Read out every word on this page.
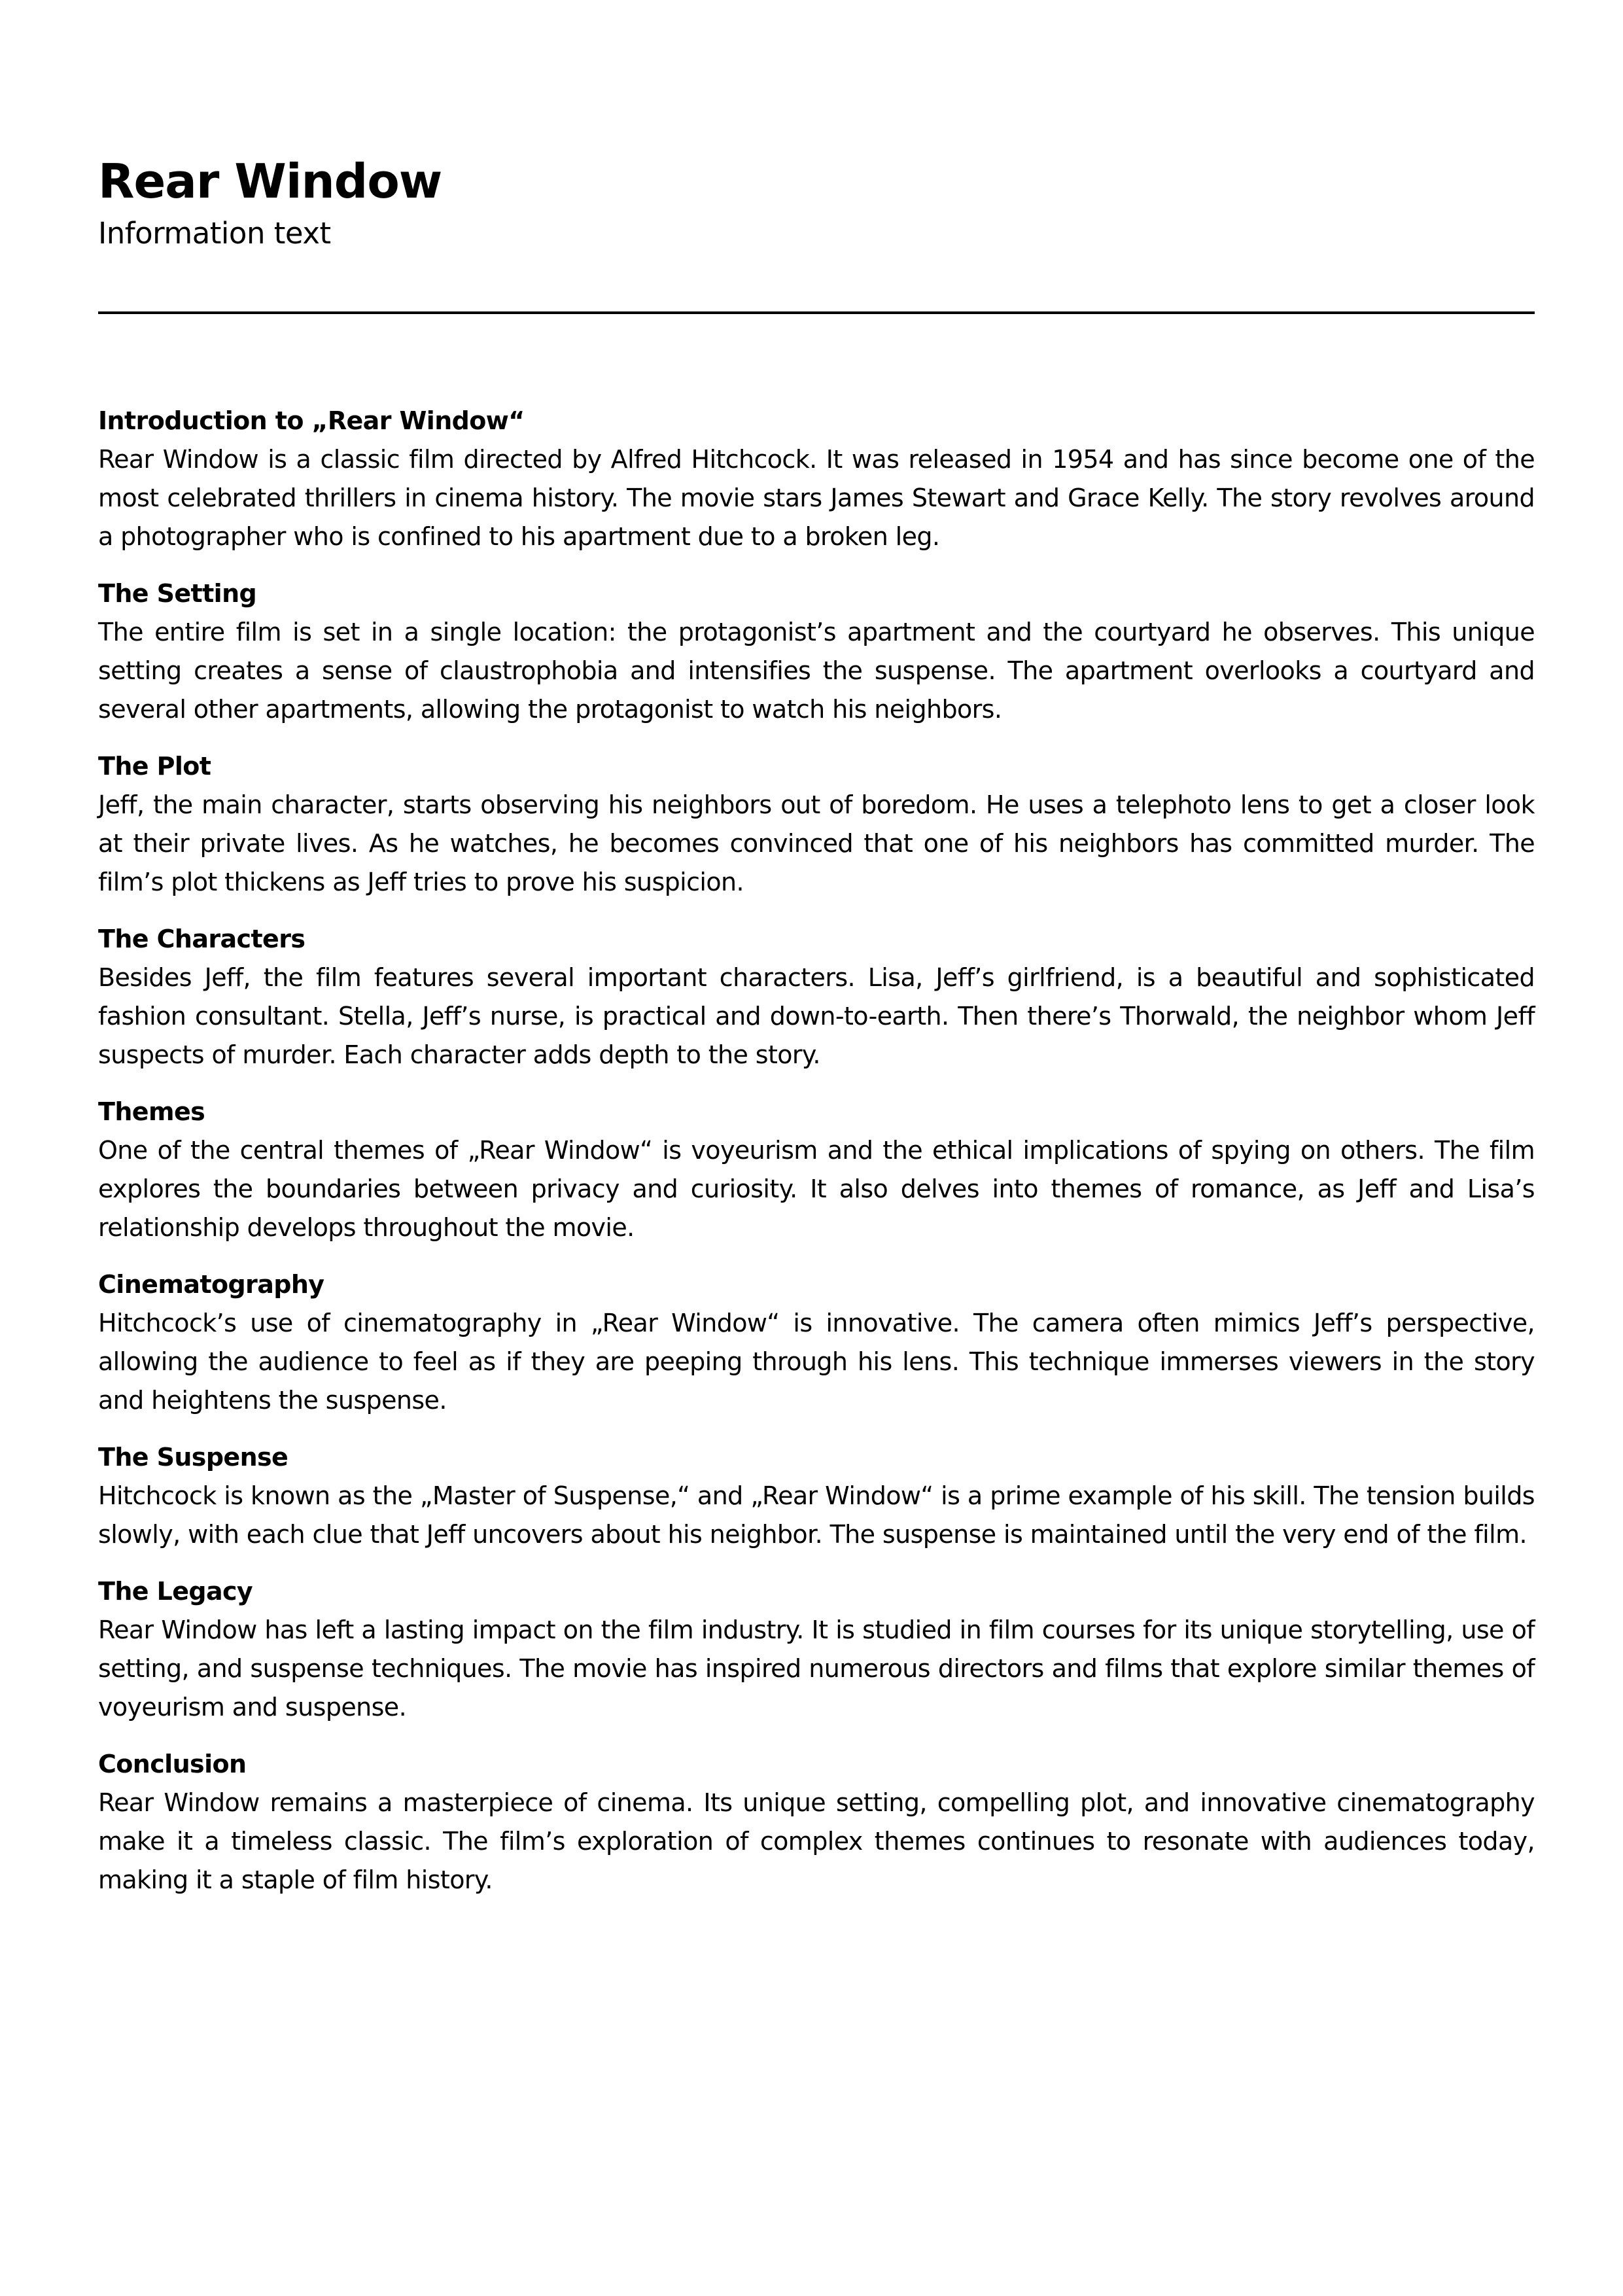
Rear Window

Information text

Introduction to „Rear Window“

Rear Window is a classic film directed by Alfred Hitchcock. It was released in 1954 and has since become one of the most celebrated thrillers in cinema history. The movie stars James Stewart and Grace Kelly. The story revolves around a photographer who is confined to his apartment due to a broken leg.

The Setting

The entire film is set in a single location: the protagonist’s apartment and the courtyard he observes. This unique setting creates a sense of claustrophobia and intensifies the suspense. The apartment overlooks a courtyard and several other apartments, allowing the protagonist to watch his neighbors.

The Plot

Jeff, the main character, starts observing his neighbors out of boredom. He uses a telephoto lens to get a closer look at their private lives. As he watches, he becomes convinced that one of his neighbors has committed murder. The film’s plot thickens as Jeff tries to prove his suspicion.

The Characters

Besides Jeff, the film features several important characters. Lisa, Jeff’s girlfriend, is a beautiful and sophisticated fashion consultant. Stella, Jeff’s nurse, is practical and down-to-earth. Then there’s Thorwald, the neighbor whom Jeff suspects of murder. Each character adds depth to the story.

Themes

One of the central themes of „Rear Window“ is voyeurism and the ethical implications of spying on others. The film explores the boundaries between privacy and curiosity. It also delves into themes of romance, as Jeff and Lisa’s relationship develops throughout the movie.

Cinematography

Hitchcock’s use of cinematography in „Rear Window“ is innovative. The camera often mimics Jeff’s perspective, allowing the audience to feel as if they are peeping through his lens. This technique immerses viewers in the story and heightens the suspense.

The Suspense

Hitchcock is known as the „Master of Suspense,“ and „Rear Window“ is a prime example of his skill. The tension builds slowly, with each clue that Jeff uncovers about his neighbor. The suspense is maintained until the very end of the film.

The Legacy

Rear Window has left a lasting impact on the film industry. It is studied in film courses for its unique storytelling, use of setting, and suspense techniques. The movie has inspired numerous directors and films that explore similar themes of voyeurism and suspense.

Conclusion

Rear Window remains a masterpiece of cinema. Its unique setting, compelling plot, and innovative cinematography make it a timeless classic. The film’s exploration of complex themes continues to resonate with audiences today, making it a staple of film history.
